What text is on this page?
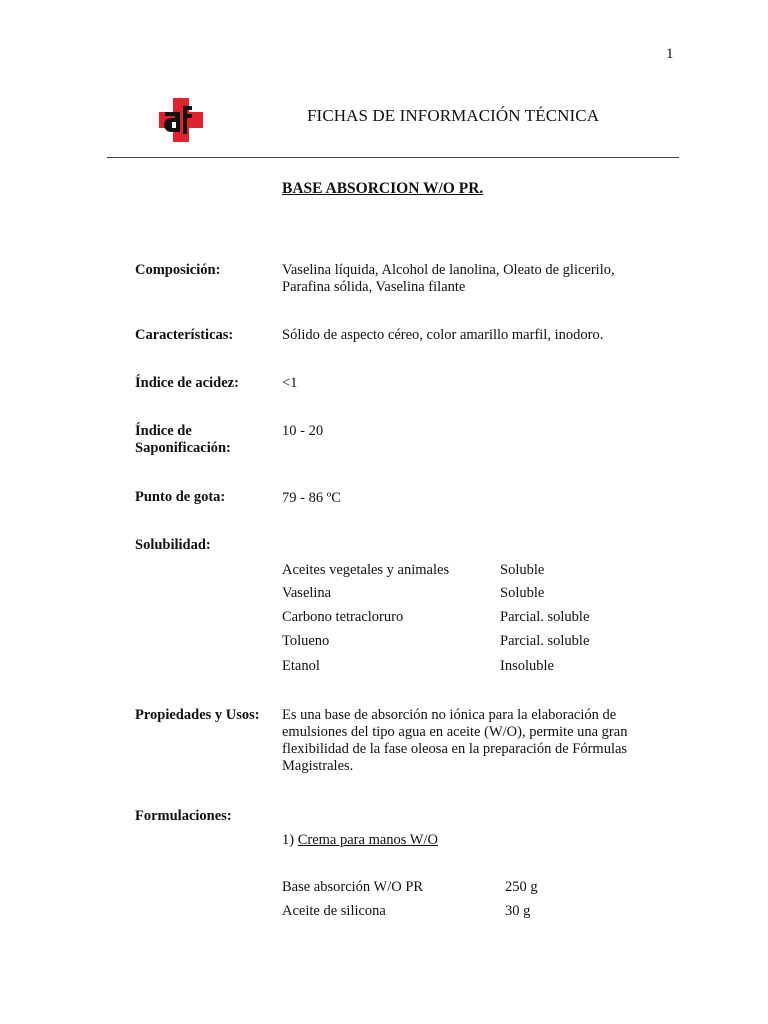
1
FICHAS DE INFORMACIÓN TÉCNICA
BASE ABSORCION W/O PR.
Composición:	Vaselina líquida, Alcohol de lanolina, Oleato de glicerilo,
Parafina sólida, Vaselina filante
Características:	Sólido de aspecto céreo, color amarillo marfil, inodoro.
Índice de acidez:	<1
Índice de
Saponificación:
10 - 20
Punto de gota:	79 - 86 ºC
Solubilidad:
Aceites vegetales y animales	Soluble
Vaselina	Soluble
Carbono tetracloruro	Parcial. soluble
Tolueno	Parcial. soluble
Etanol	Insoluble
Propiedades y Usos: Es una base de absorción no iónica para la elaboración de
emulsiones del tipo agua en aceite (W/O), permite una gran
flexibilidad de la fase oleosa en la preparación de Fórmulas
Magistrales.
Formulaciones:
1) Crema para manos W/O
Base absorción W/O PR	250 g
Aceite de silicona	30 g
